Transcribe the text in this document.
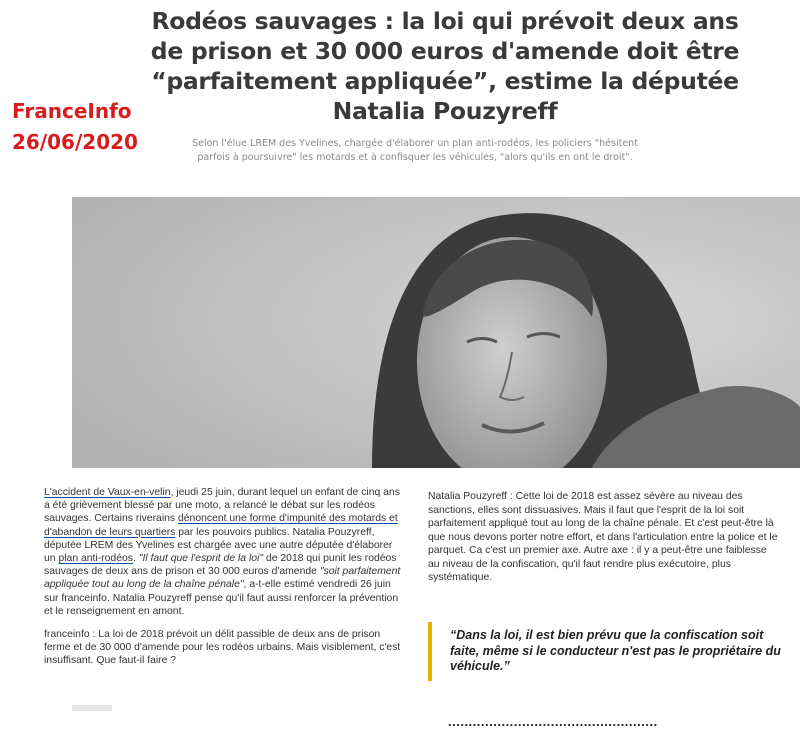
Rodéos sauvages : la loi qui prévoit deux ans de prison et 30 000 euros d'amende doit être “parfaitement appliquée”, estime la députée Natalia Pouzyreff
FranceInfo
26/06/2020	Selon l'élue LREM des Yvelines, chargée d'élaborer un plan anti-rodéos, les policiers "hésitent parfois à poursuivre" les motards et à confisquer les véhicules, "alors qu'ils en ont le droit".

L'accident de Vaux-en-velin, jeudi 25 juin, durant lequel un enfant de cinq ans a été grièvement blessé par une moto, a relancé le débat sur les rodéos sauvages. Certains riverains dénoncent une forme d'impunité des motards et d'abandon de leurs quartiers par les pouvoirs publics. Natalia Pouzyreff, députée LREM des Yvelines est chargée avec une autre députée d'élaborer un plan anti-rodéos. "Il faut que l'esprit de la loi" de 2018 qui punit les rodéos sauvages de deux ans de prison et 30 000 euros d'amende "soit parfaitement appliquée tout au long de la chaîne pénale", a-t-elle estimé vendredi 26 juin sur franceinfo. Natalia Pouzyreff pense qu'il faut aussi renforcer la prévention et le renseignement en amont.

franceinfo : La loi de 2018 prévoit un délit passible de deux ans de prison ferme et de 30 000 d'amende pour les rodéos urbains. Mais visiblement, c'est insuffisant. Que faut-il faire ?

Natalia Pouzyreff : Cette loi de 2018 est assez sévère au niveau des sanctions, elles sont dissuasives. Mais il faut que l'esprit de la loi soit parfaitement appliqué tout au long de la chaîne pénale. Et c'est peut-être là que nous devons porter notre effort, et dans l'articulation entre la police et le parquet. Ca c'est un premier axe. Autre axe : il y a peut-être une faiblesse au niveau de la confiscation, qu'il faut rendre plus exécutoire, plus systématique.

“Dans la loi, il est bien prévu que la confiscation soit faite, même si le conducteur n'est pas le propriétaire du véhicule.”
...................................................
